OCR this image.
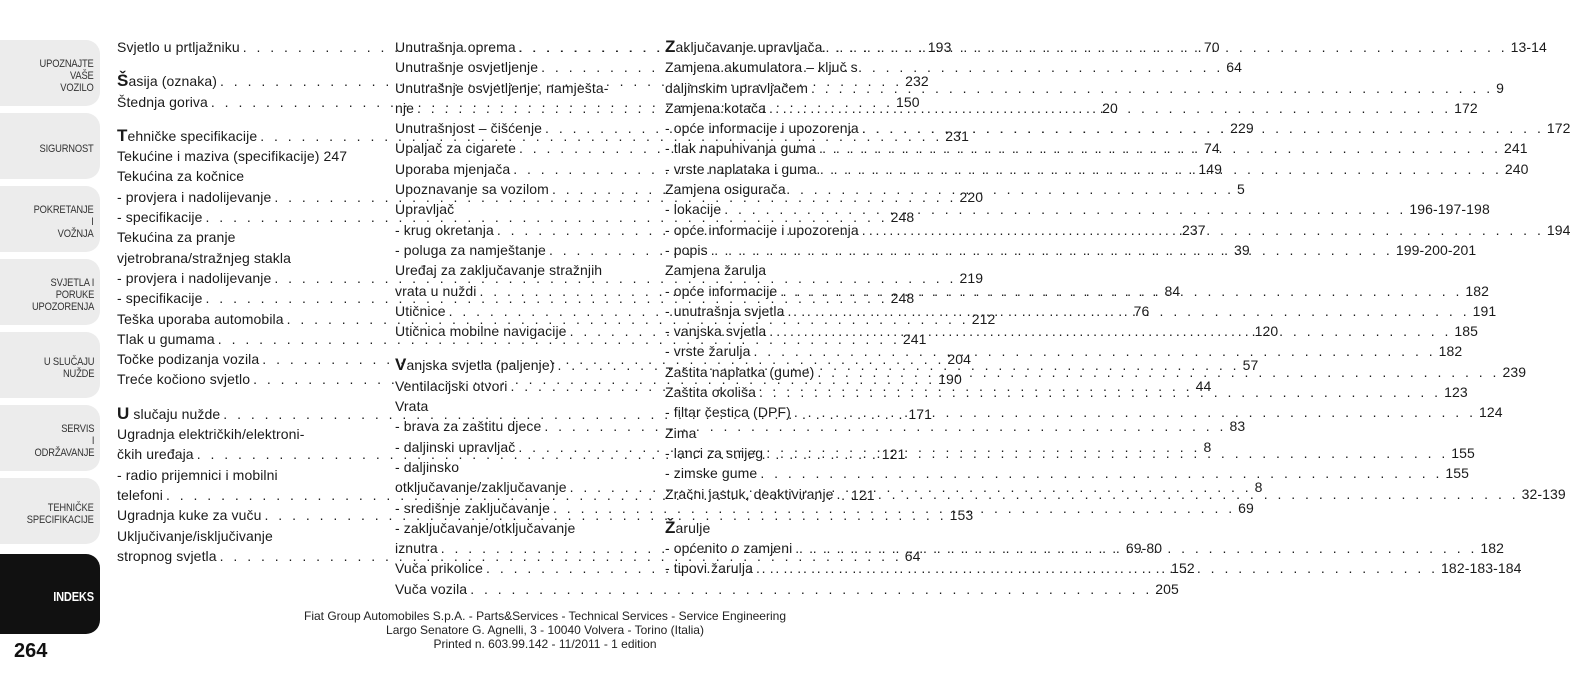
UPOZNAJTE
VAŠE
VOZILO
SIGURNOST
POKRETANJE
I
VOŽNJA
SVJETLA I
PORUKE
UPOZORENJA
U SLUČAJU
NUŽDE
SERVIS
I
ODRŽAVANJE
TEHNIČKE
SPECIFIKACIJE
INDEKS
264
Svjetlo u prtljažniku . . .	193
Šasija (oznaka) . . .	232
Štednja goriva . . .	150
Tehničke specifikacije . . .	231
Tekućine i maziva (specifikacije) 247
Tekućina za kočnice
- provjera i nadolijevanje . . .	220
- specifikacije . . .	248
Tekućina za pranje
vjetrobrana/stražnjeg stakla
- provjera i nadolijevanje . . .	219
- specifikacije . . .	248
Teška uporaba automobila . . .	212
Tlak u gumama . . .	241
Točke podizanja vozila . . .	204
Treće kočiono svjetlo . . .	190
U slučaju nužde . . .	171
Ugradnja električkih/elektroni-
čkih uređaja . . .	121
- radio prijemnici i mobilni
telefoni . . .	121
Ugradnja kuke za vuču . . .	153
Uključivanje/isključivanje
stropnog svjetla . . .	64
Unutrašnja oprema . . .	70
Unutrašnje osvjetljenje . . .	64
Unutrašnje osvjetljenje, namješta-
nje . . .	20
Unutrašnjost – čišćenje . . .	229
Upaljač za cigarete . . .	74
Uporaba mjenjača . . .	149
Upoznavanje sa vozilom . . .	5
Upravljač
- krug okretanja . . .	237
- poluga za namještanje . . .	39
Uređaj za zaključavanje stražnjih
vrata u nuždi . . .	84
Utičnice . . .	76
Utičnica mobilne navigacije . . .	120
Vanjska svjetla (paljenje) . . .	57
Ventilacijski otvori . . .	44
Vrata
- brava za zaštitu djece . . .	83
- daljinski upravljač . . .	8
- daljinsko
otključavanje/zaključavanje . . .	8
- središnje zaključavanje . . .	69
- zaključavanje/otključavanje
iznutra . . .	69-80
Vuča prikolice . . .	152
Vuča vozila . . .	205
Zaključavanje upravljača . . .	13-14
Zamjena akumulatora – ključ s
daljinskim upravljačem . . .	9
Zamjena kotača . . .	172
- opće informacije i upozorenja . . .	172
- tlak napuhivanja guma . . .	241
- vrste naplataka i guma . . .	240
Zamjena osigurača
- lokacije . . .	196-197-198
- opće informacije i upozorenja . . .	194
- popis . . .	199-200-201
Zamjena žarulja
- opće informacije . . .	182
- unutrašnja svjetla . . .	191
- vanjska svjetla . . .	185
- vrste žarulja . . .	182
Zaštita naplatka (gume) . . .	239
Zaštita okoliša . . .	123
- filtar čestica (DPF) . . .	124
Zima
- lanci za snijeg . . .	155
- zimske gume . . .	155
Zračni jastuk, deaktiviranje . . .	32-139
Žarulje
- općenito o zamjeni . . .	182
- tipovi žarulja . . .	182-183-184
Fiat Group Automobiles S.p.A. - Parts&Services - Technical Services - Service Engineering
Largo Senatore G. Agnelli, 3 - 10040 Volvera - Torino (Italia)
Printed n. 603.99.142 - 11/2011 - 1 edition
